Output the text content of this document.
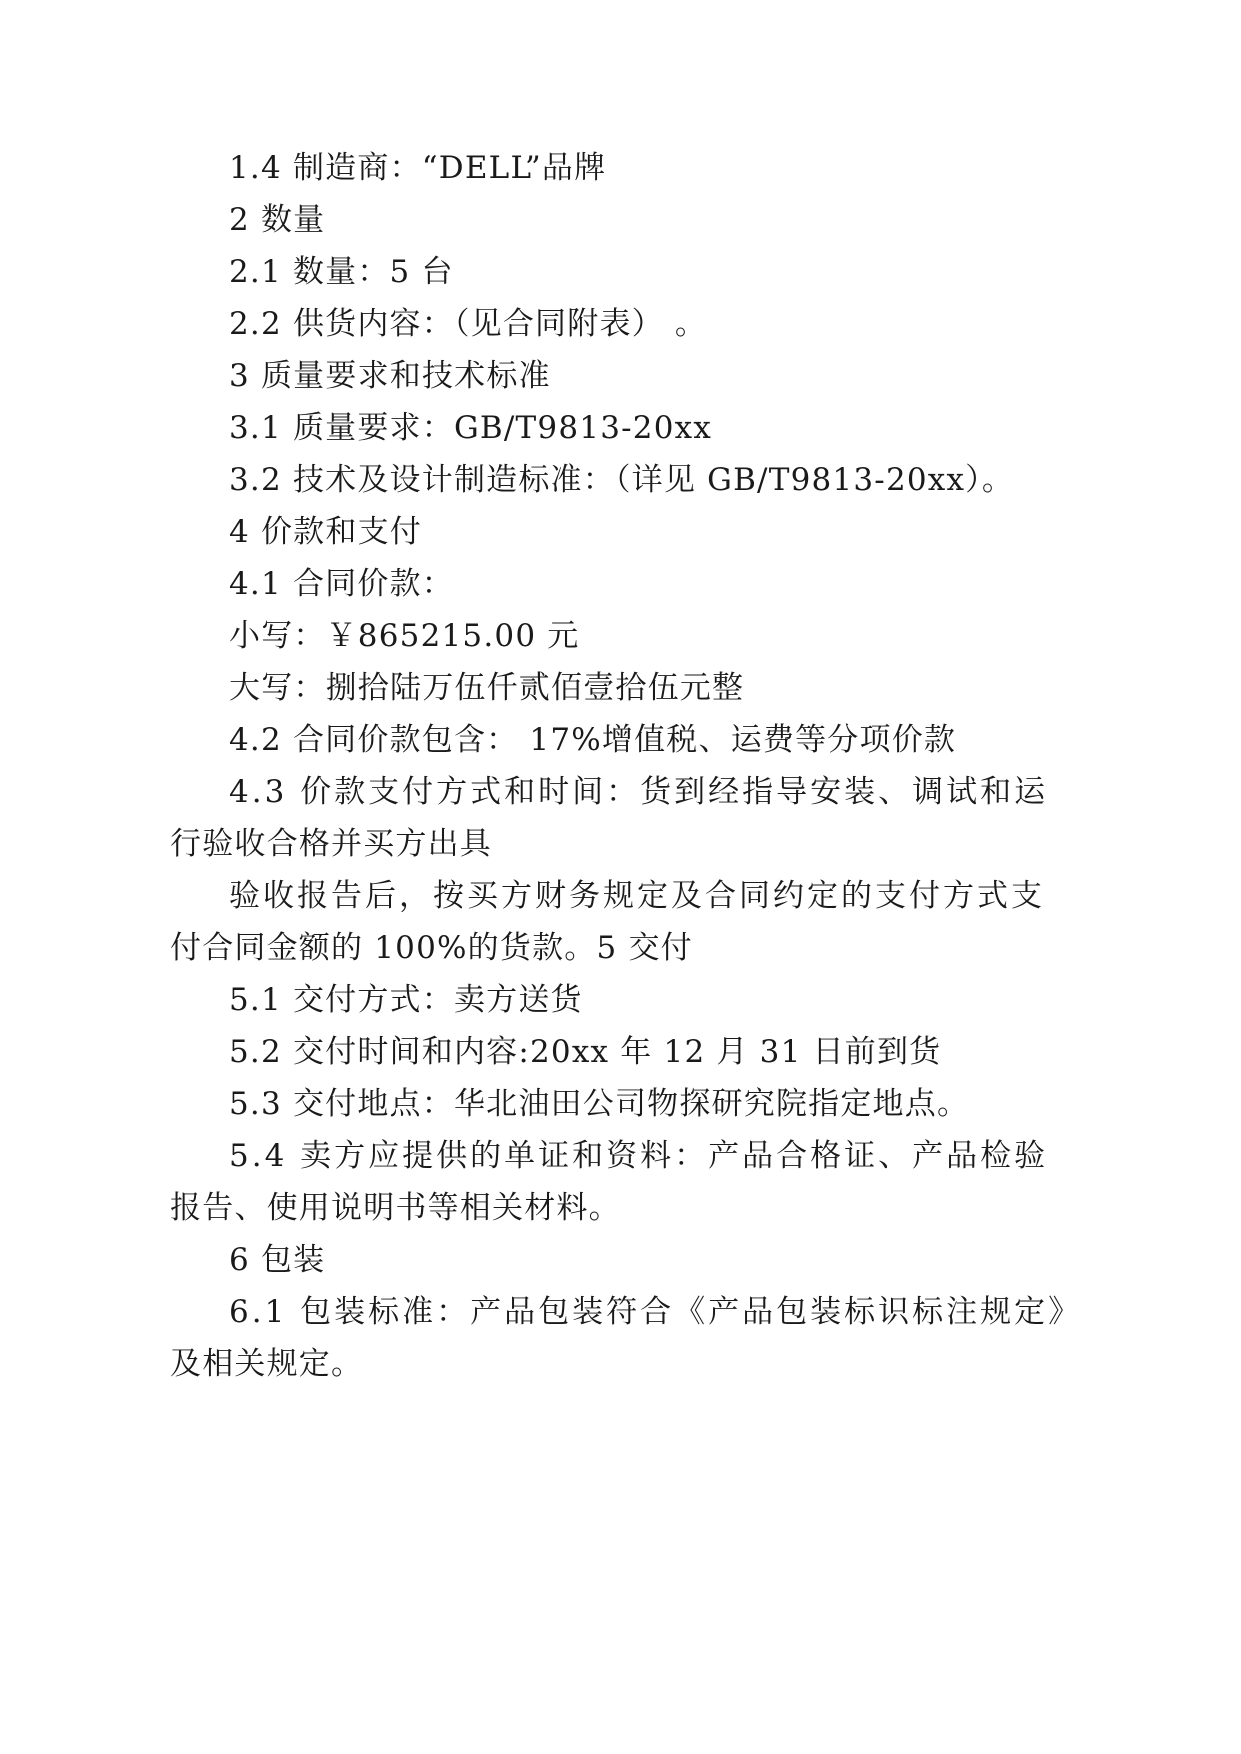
1.4 制造商：“DELL”品牌
2 数量
2.1 数量：5 台
2.2 供货内容：（见合同附表） 。
3 质量要求和技术标准
3.1 质量要求：GB/T9813-20xx
3.2 技术及设计制造标准：（详见 GB/T9813-20xx）。
4 价款和支付
4.1 合同价款：
小写：￥865215.00 元
大写：捌拾陆万伍仟贰佰壹拾伍元整
4.2 合同价款包含： 17%增值税、运费等分项价款
4.3 价款支付方式和时间：货到经指导安装、调试和运
行验收合格并买方出具
验收报告后，按买方财务规定及合同约定的支付方式支
付合同金额的 100%的货款。5 交付
5.1 交付方式：卖方送货
5.2 交付时间和内容:20xx 年 12 月 31 日前到货
5.3 交付地点：华北油田公司物探研究院指定地点。
5.4 卖方应提供的单证和资料：产品合格证、产品检验
报告、使用说明书等相关材料。
6 包装
6.1 包装标准：产品包装符合《产品包装标识标注规定》
及相关规定。
